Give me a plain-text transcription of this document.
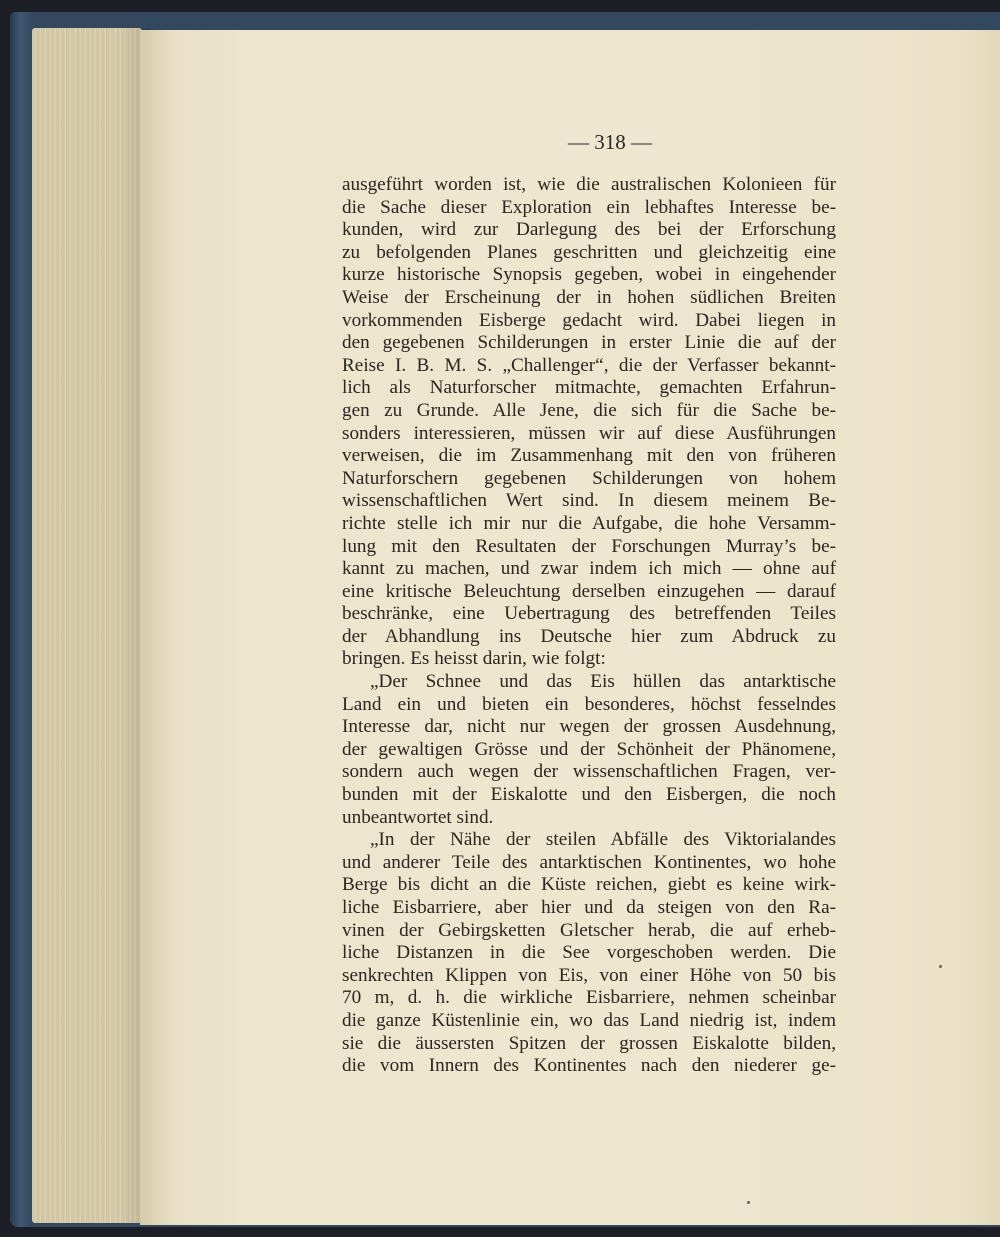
— 318 —
ausgeführt worden ist, wie die australischen Kolonieen für
die Sache dieser Exploration ein lebhaftes Interesse be-
kunden, wird zur Darlegung des bei der Erforschung
zu befolgenden Planes geschritten und gleichzeitig eine
kurze historische Synopsis gegeben, wobei in eingehender
Weise der Erscheinung der in hohen südlichen Breiten
vorkommenden Eisberge gedacht wird. Dabei liegen in
den gegebenen Schilderungen in erster Linie die auf der
Reise I. B. M. S. „Challenger“, die der Verfasser bekannt-
lich als Naturforscher mitmachte, gemachten Erfahrun-
gen zu Grunde. Alle Jene, die sich für die Sache be-
sonders interessieren, müssen wir auf diese Ausführungen
verweisen, die im Zusammenhang mit den von früheren
Naturforschern gegebenen Schilderungen von hohem
wissenschaftlichen Wert sind. In diesem meinem Be-
richte stelle ich mir nur die Aufgabe, die hohe Versamm-
lung mit den Resultaten der Forschungen Murray’s be-
kannt zu machen, und zwar indem ich mich — ohne auf
eine kritische Beleuchtung derselben einzugehen — darauf
beschränke, eine Uebertragung des betreffenden Teiles
der Abhandlung ins Deutsche hier zum Abdruck zu
bringen. Es heisst darin, wie folgt:
„Der Schnee und das Eis hüllen das antarktische
Land ein und bieten ein besonderes, höchst fesselndes
Interesse dar, nicht nur wegen der grossen Ausdehnung,
der gewaltigen Grösse und der Schönheit der Phänomene,
sondern auch wegen der wissenschaftlichen Fragen, ver-
bunden mit der Eiskalotte und den Eisbergen, die noch
unbeantwortet sind.
„In der Nähe der steilen Abfälle des Viktorialandes
und anderer Teile des antarktischen Kontinentes, wo hohe
Berge bis dicht an die Küste reichen, giebt es keine wirk-
liche Eisbarriere, aber hier und da steigen von den Ra-
vinen der Gebirgsketten Gletscher herab, die auf erheb-
liche Distanzen in die See vorgeschoben werden. Die
senkrechten Klippen von Eis, von einer Höhe von 50 bis
70 m, d. h. die wirkliche Eisbarriere, nehmen scheinbar
die ganze Küstenlinie ein, wo das Land niedrig ist, indem
sie die äussersten Spitzen der grossen Eiskalotte bilden,
die vom Innern des Kontinentes nach den niederer ge-
